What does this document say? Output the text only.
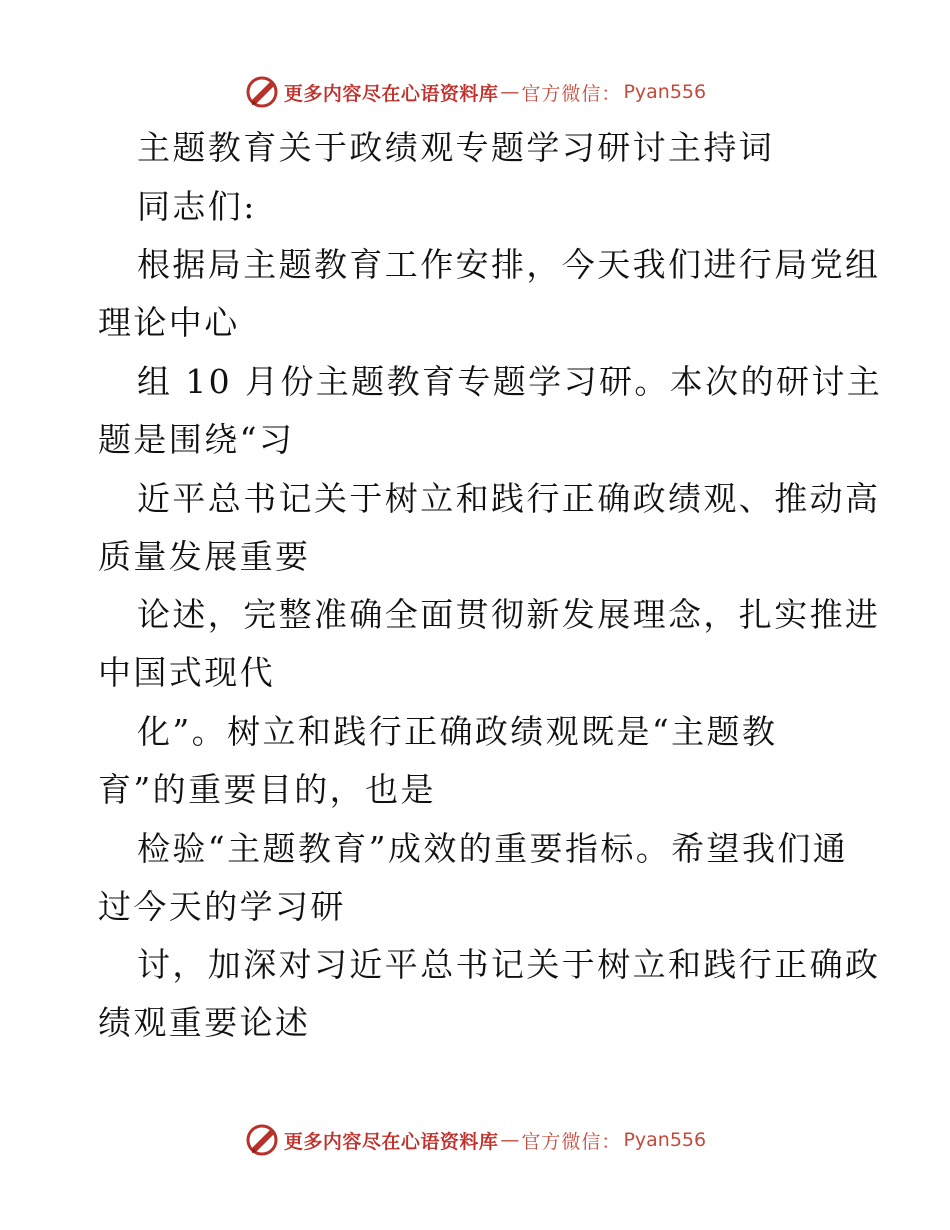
更多内容尽在心语资料库 — 官方微信： Pyan556
主题教育关于政绩观专题学习研讨主持词
同志们:
根据局主题教育工作安排，今天我们进行局党组
理论中心
组 10 月份主题教育专题学习研。本次的研讨主
题是围绕“习
近平总书记关于树立和践行正确政绩观、推动高
质量发展重要
论述，完整准确全面贯彻新发展理念，扎实推进
中国式现代
化”。树立和践行正确政绩观既是“主题教
育”的重要目的，也是
检验“主题教育”成效的重要指标。希望我们通
过今天的学习研
讨，加深对习近平总书记关于树立和践行正确政
绩观重要论述
更多内容尽在心语资料库 — 官方微信： Pyan556
